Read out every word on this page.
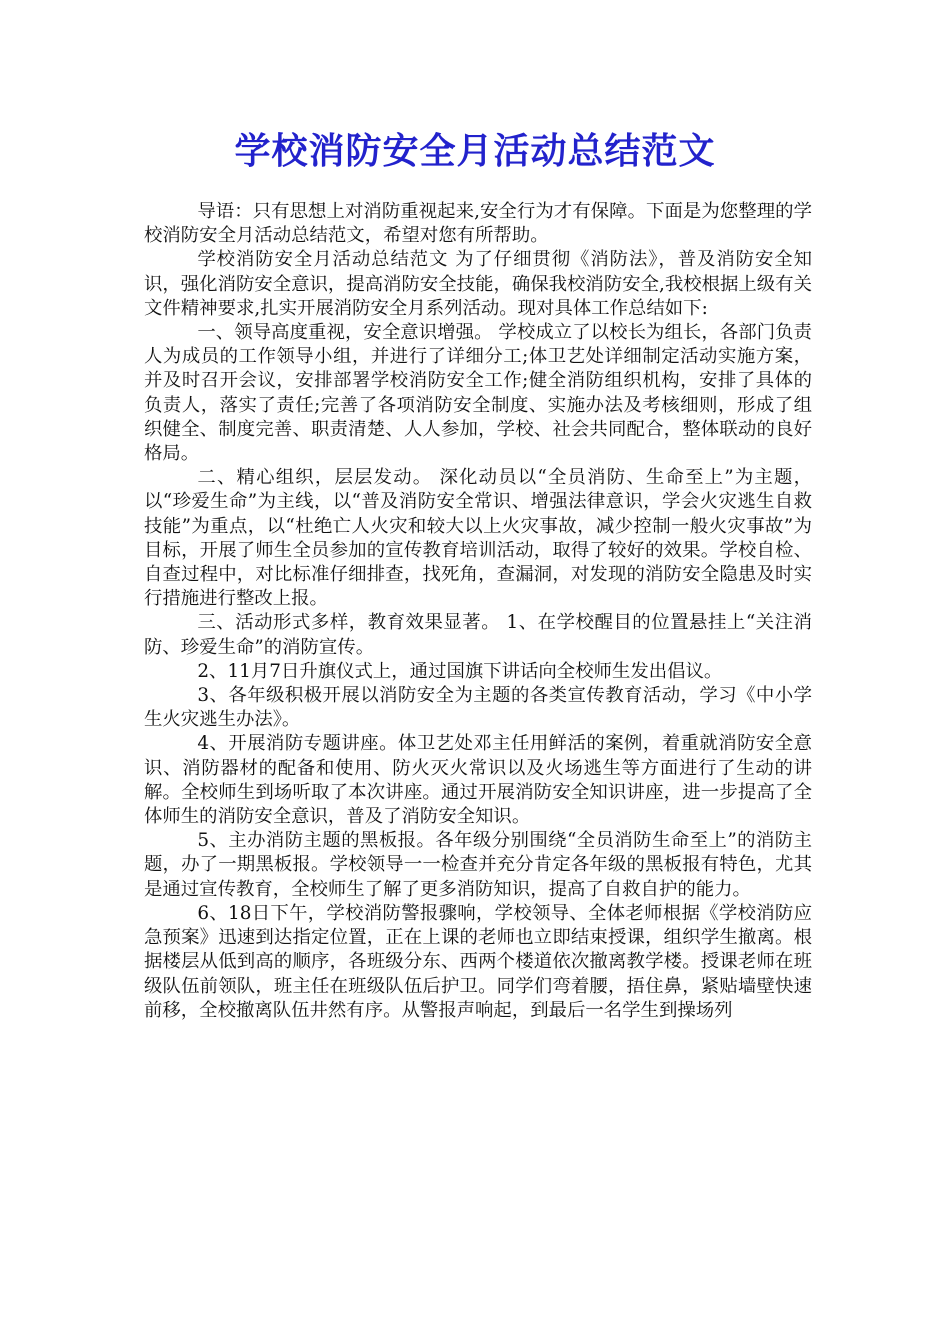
学校消防安全月活动总结范文

导语：只有思想上对消防重视起来,安全行为才有保障。下面是为您整理的学校消防安全月活动总结范文，希望对您有所帮助。

学校消防安全月活动总结范文 为了仔细贯彻《消防法》，普及消防安全知识，强化消防安全意识，提高消防安全技能，确保我校消防安全,我校根据上级有关文件精神要求,扎实开展消防安全月系列活动。现对具体工作总结如下:

一、领导高度重视，安全意识增强。 学校成立了以校长为组长，各部门负责人为成员的工作领导小组，并进行了详细分工;体卫艺处详细制定活动实施方案，并及时召开会议，安排部署学校消防安全工作;健全消防组织机构，安排了具体的负责人，落实了责任;完善了各项消防安全制度、实施办法及考核细则，形成了组织健全、制度完善、职责清楚、人人参加，学校、社会共同配合，整体联动的良好格局。

二、精心组织，层层发动。 深化动员以“全员消防、生命至上”为主题，以“珍爱生命”为主线，以“普及消防安全常识、增强法律意识，学会火灾逃生自救技能”为重点，以“杜绝亡人火灾和较大以上火灾事故，减少控制一般火灾事故”为目标，开展了师生全员参加的宣传教育培训活动，取得了较好的效果。学校自检、自查过程中，对比标准仔细排查，找死角，查漏洞，对发现的消防安全隐患及时实行措施进行整改上报。

三、活动形式多样，教育效果显著。 1、在学校醒目的位置悬挂上“关注消防、珍爱生命”的消防宣传。

2、11月7日升旗仪式上，通过国旗下讲话向全校师生发出倡议。

3、各年级积极开展以消防安全为主题的各类宣传教育活动，学习《中小学生火灾逃生办法》。

4、开展消防专题讲座。体卫艺处邓主任用鲜活的案例，着重就消防安全意识、消防器材的配备和使用、防火灭火常识以及火场逃生等方面进行了生动的讲解。全校师生到场听取了本次讲座。通过开展消防安全知识讲座，进一步提高了全体师生的消防安全意识，普及了消防安全知识。

5、主办消防主题的黑板报。各年级分别围绕“全员消防生命至上”的消防主题，办了一期黑板报。学校领导一一检查并充分肯定各年级的黑板报有特色，尤其是通过宣传教育，全校师生了解了更多消防知识，提高了自救自护的能力。

6、18日下午，学校消防警报骤响，学校领导、全体老师根据《学校消防应急预案》迅速到达指定位置，正在上课的老师也立即结束授课，组织学生撤离。根据楼层从低到高的顺序，各班级分东、西两个楼道依次撤离教学楼。授课老师在班级队伍前领队，班主任在班级队伍后护卫。同学们弯着腰，捂住鼻，紧贴墙壁快速前移，全校撤离队伍井然有序。从警报声响起，到最后一名学生到操场列
